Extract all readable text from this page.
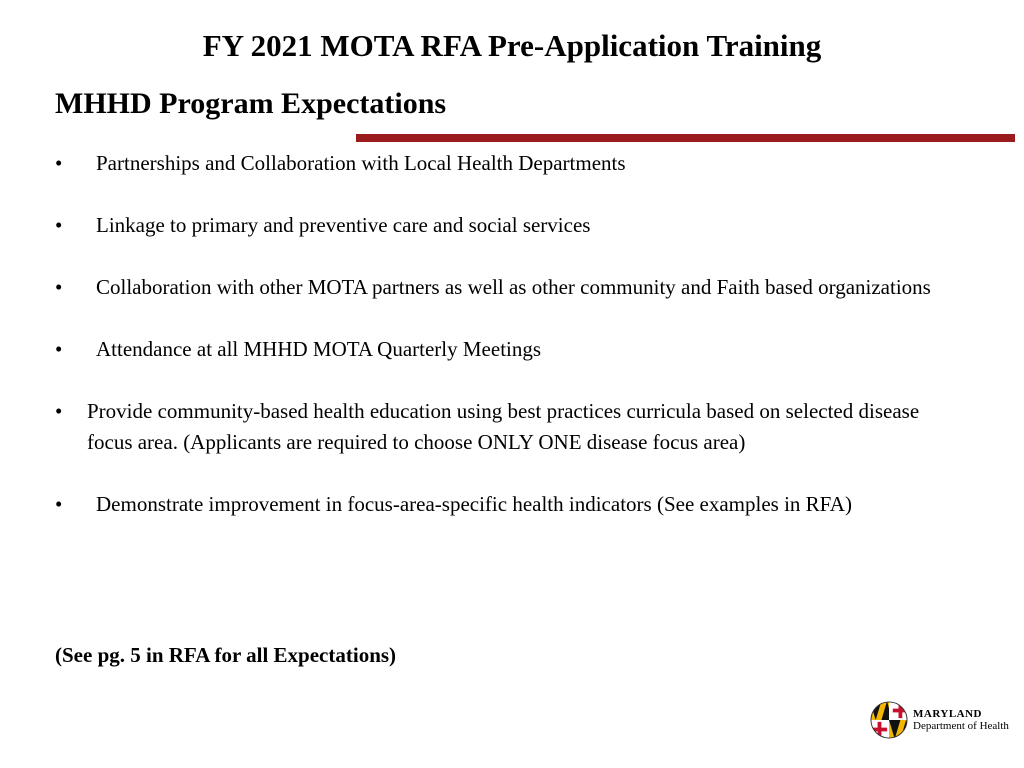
FY 2021 MOTA RFA Pre-Application Training
MHHD Program Expectations
•	Partnerships and Collaboration with Local Health Departments
•	Linkage to primary and preventive care and social services
•	Collaboration with other MOTA partners as well as other community and Faith based organizations
•	Attendance at all MHHD MOTA Quarterly Meetings
•	Provide community-based health education using best practices curricula based on selected disease focus area. (Applicants are required to choose ONLY ONE disease focus area)
•	Demonstrate improvement in focus-area-specific health indicators (See examples in RFA)
(See pg. 5 in RFA for all Expectations)
MARYLAND
Department of Health
